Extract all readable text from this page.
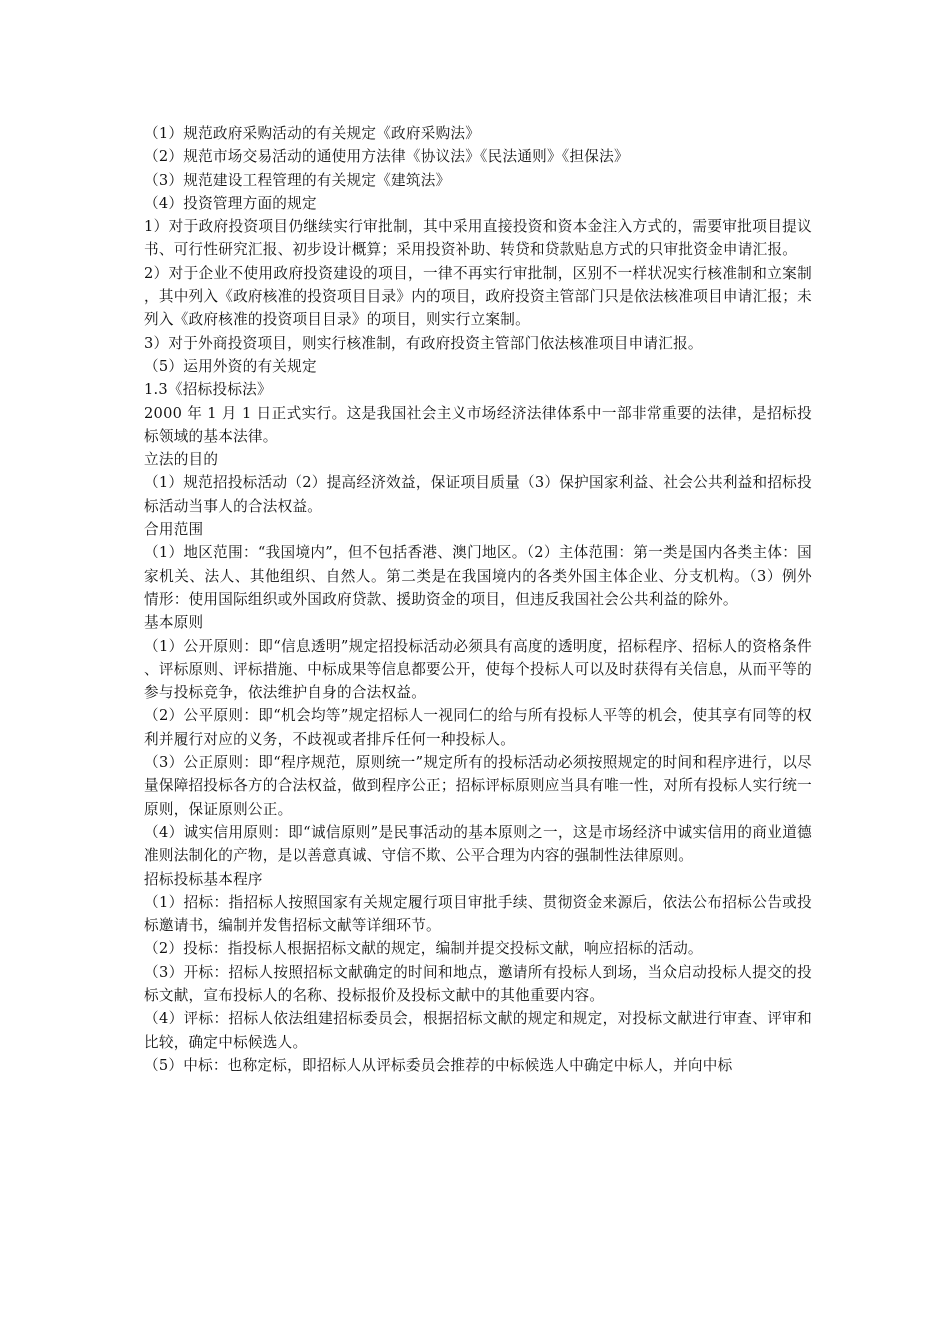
（1）规范政府采购活动的有关规定《政府采购法》

（2）规范市场交易活动的通使用方法律《协议法》《民法通则》《担保法》

（3）规范建设工程管理的有关规定《建筑法》

（4）投资管理方面的规定

1）对于政府投资项目仍继续实行审批制，其中采用直接投资和资本金注入方式的，需要审批项目提议书、可行性研究汇报、初步设计概算；采用投资补助、转贷和贷款贴息方式的只审批资金申请汇报。

2）对于企业不使用政府投资建设的项目，一律不再实行审批制，区别不一样状况实行核准制和立案制，其中列入《政府核准的投资项目目录》内的项目，政府投资主管部门只是依法核准项目申请汇报；未列入《政府核准的投资项目目录》的项目，则实行立案制。

3）对于外商投资项目，则实行核准制，有政府投资主管部门依法核准项目申请汇报。

（5）运用外资的有关规定

1.3《招标投标法》

2000 年 1 月 1 日正式实行。这是我国社会主义市场经济法律体系中一部非常重要的法律，是招标投标领域的基本法律。

立法的目的

（1）规范招投标活动（2）提高经济效益，保证项目质量（3）保护国家利益、社会公共利益和招标投标活动当事人的合法权益。

合用范围

（1）地区范围：“我国境内”，但不包括香港、澳门地区。（2）主体范围：第一类是国内各类主体：国家机关、法人、其他组织、自然人。第二类是在我国境内的各类外国主体企业、分支机构。（3）例外情形：使用国际组织或外国政府贷款、援助资金的项目，但违反我国社会公共利益的除外。

基本原则

（1）公开原则：即“信息透明”规定招投标活动必须具有高度的透明度，招标程序、招标人的资格条件、评标原则、评标措施、中标成果等信息都要公开，使每个投标人可以及时获得有关信息，从而平等的参与投标竞争，依法维护自身的合法权益。

（2）公平原则：即“机会均等”规定招标人一视同仁的给与所有投标人平等的机会，使其享有同等的权利并履行对应的义务，不歧视或者排斥任何一种投标人。

（3）公正原则：即“程序规范，原则统一”规定所有的投标活动必须按照规定的时间和程序进行，以尽量保障招投标各方的合法权益，做到程序公正；招标评标原则应当具有唯一性，对所有投标人实行统一原则，保证原则公正。

（4）诚实信用原则：即“诚信原则”是民事活动的基本原则之一，这是市场经济中诚实信用的商业道德准则法制化的产物，是以善意真诚、守信不欺、公平合理为内容的强制性法律原则。

招标投标基本程序

（1）招标：指招标人按照国家有关规定履行项目审批手续、贯彻资金来源后，依法公布招标公告或投标邀请书，编制并发售招标文献等详细环节。

（2）投标：指投标人根据招标文献的规定，编制并提交投标文献，响应招标的活动。

（3）开标：招标人按照招标文献确定的时间和地点，邀请所有投标人到场，当众启动投标人提交的投标文献，宣布投标人的名称、投标报价及投标文献中的其他重要内容。

（4）评标：招标人依法组建招标委员会，根据招标文献的规定和规定，对投标文献进行审查、评审和比较，确定中标候选人。

（5）中标：也称定标，即招标人从评标委员会推荐的中标候选人中确定中标人，并向中标
